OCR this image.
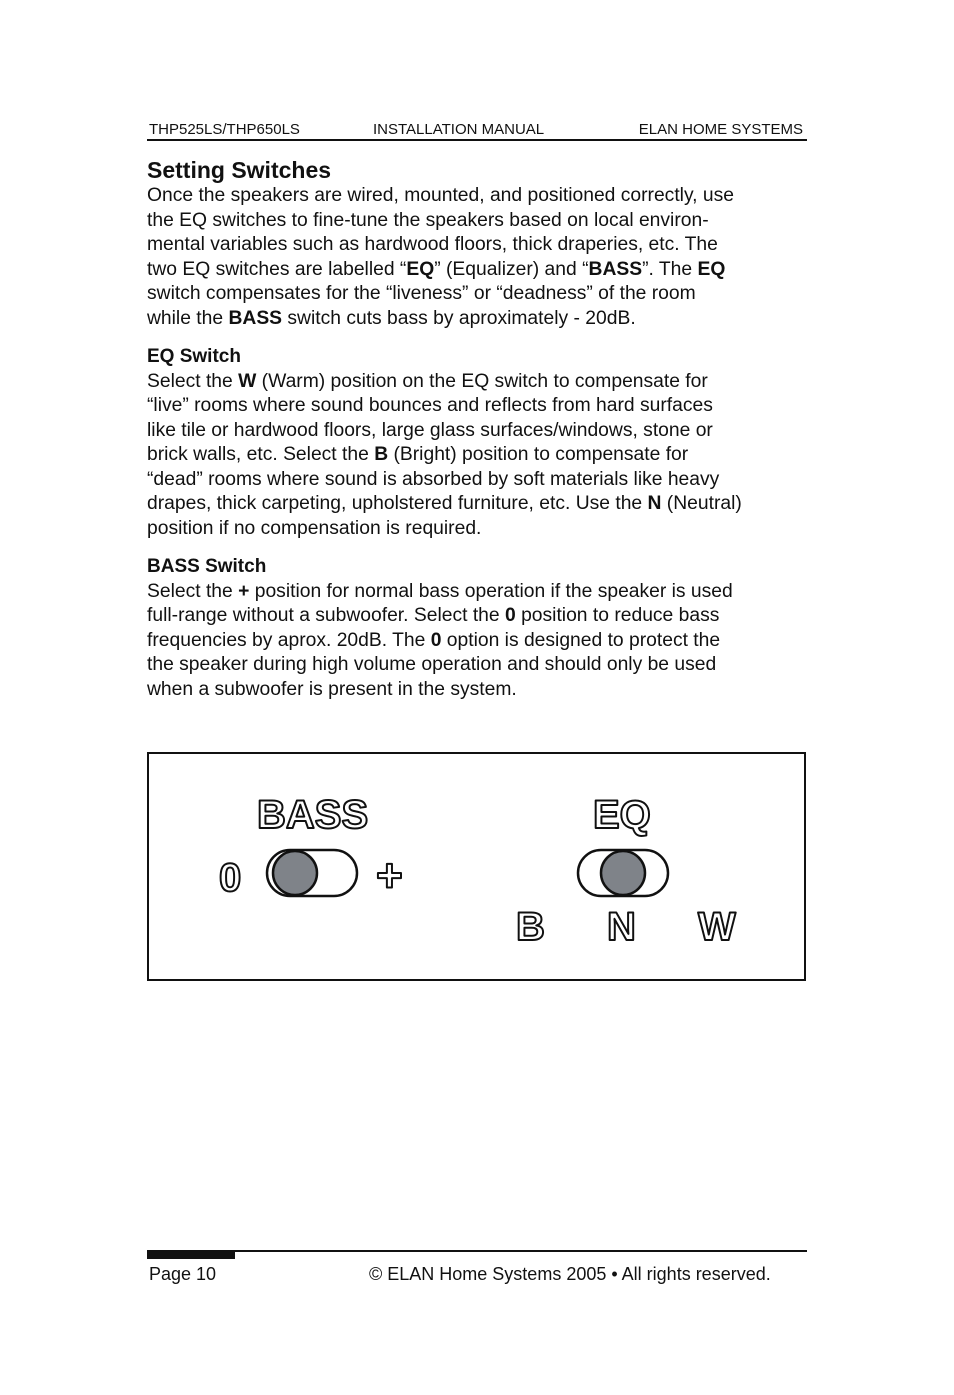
THP525LS/THP650LS	INSTALLATION MANUAL	ELAN HOME SYSTEMS
Setting Switches

Once the speakers are wired, mounted, and positioned correctly, use

the EQ switches to fine-tune the speakers based on local environ-

mental variables such as hardwood floors, thick draperies, etc. The

two EQ switches are labelled “EQ” (Equalizer) and “BASS”. The EQ

switch compensates for the “liveness” or “deadness” of the room

while the BASS switch cuts bass by aproximately - 20dB.

EQ Switch

Select the W (Warm) position on the EQ switch to compensate for

“live” rooms where sound bounces and reflects from hard surfaces

like tile or hardwood floors, large glass surfaces/windows, stone or

brick walls, etc. Select the B (Bright) position to compensate for

“dead” rooms where sound is absorbed by soft materials like heavy

drapes, thick carpeting, upholstered furniture, etc. Use the N (Neutral)

position if no compensation is required.

BASS Switch

Select the + position for normal bass operation if the speaker is used

full-range without a subwoofer. Select the 0 position to reduce bass

frequencies by aprox. 20dB. The 0 option is designed to protect the

the speaker during high volume operation and should only be used

when a subwoofer is present in the system.

BASS	EQ
0	+
B N W
Page 10	© ELAN Home Systems 2005 • All rights reserved.
